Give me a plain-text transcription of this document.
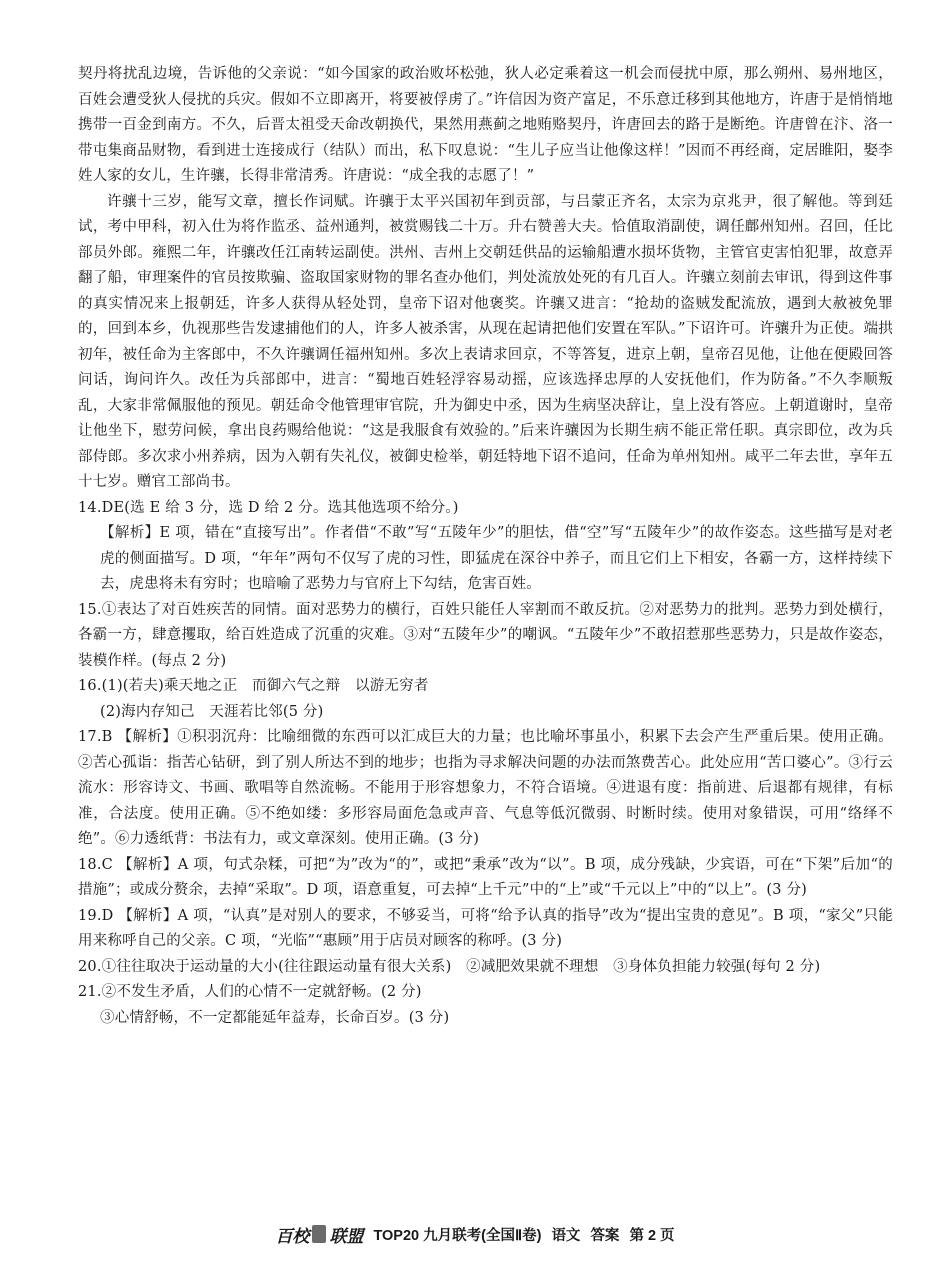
契丹将扰乱边境，告诉他的父亲说：“如今国家的政治败坏松弛，狄人必定乘着这一机会而侵扰中原，那么朔州、易州地区，百姓会遭受狄人侵扰的兵灾。假如不立即离开，将要被俘虏了。”许信因为资产富足，不乐意迁移到其他地方，许唐于是悄悄地携带一百金到南方。不久，后晋太祖受天命改朝换代，果然用燕蓟之地贿赂契丹，许唐回去的路于是断绝。许唐曾在汴、洛一带屯集商品财物，看到进士连接成行（结队）而出，私下叹息说：“生儿子应当让他像这样！”因而不再经商，定居睢阳，娶李姓人家的女儿，生许骧，长得非常清秀。许唐说：“成全我的志愿了！”

许骧十三岁，能写文章，擅长作词赋。许骧于太平兴国初年到贡部，与吕蒙正齐名，太宗为京兆尹，很了解他。等到廷试，考中甲科，初入仕为将作监丞、益州通判，被赏赐钱二十万。升右赞善大夫。恰值取消副使，调任鄜州知州。召回，任比部员外郎。雍熙二年，许骧改任江南转运副使。洪州、吉州上交朝廷供品的运输船遭水损坏货物，主管官吏害怕犯罪，故意弄翻了船，审理案件的官员按欺骗、盗取国家财物的罪名查办他们，判处流放处死的有几百人。许骧立刻前去审讯，得到这件事的真实情况来上报朝廷，许多人获得从轻处罚，皇帝下诏对他褒奖。许骧又进言：“抢劫的盗贼发配流放，遇到大赦被免罪的，回到本乡，仇视那些告发逮捕他们的人，许多人被杀害，从现在起请把他们安置在军队。”下诏许可。许骧升为正使。端拱初年，被任命为主客郎中，不久许骧调任福州知州。多次上表请求回京，不等答复，进京上朝，皇帝召见他，让他在便殿回答问话，询问许久。改任为兵部郎中，进言：“蜀地百姓轻浮容易动摇，应该选择忠厚的人安抚他们，作为防备。”不久李顺叛乱，大家非常佩服他的预见。朝廷命令他管理审官院，升为御史中丞，因为生病坚决辞让，皇上没有答应。上朝道谢时，皇帝让他坐下，慰劳问候，拿出良药赐给他说：“这是我服食有效验的。”后来许骧因为长期生病不能正常任职。真宗即位，改为兵部侍郎。多次求小州养病，因为入朝有失礼仪，被御史检举，朝廷特地下诏不追问，任命为单州知州。咸平二年去世，享年五十七岁。赠官工部尚书。

14.DE(选 E 给 3 分，选 D 给 2 分。选其他选项不给分。)

【解析】E 项，错在“直接写出”。作者借“不敢”写“五陵年少”的胆怯，借“空”写“五陵年少”的故作姿态。这些描写是对老虎的侧面描写。D 项，“年年”两句不仅写了虎的习性，即猛虎在深谷中养子，而且它们上下相安，各霸一方，这样持续下去，虎患将未有穷时；也暗喻了恶势力与官府上下勾结，危害百姓。

15.①表达了对百姓疾苦的同情。面对恶势力的横行，百姓只能任人宰割而不敢反抗。②对恶势力的批判。恶势力到处横行，各霸一方，肆意攫取，给百姓造成了沉重的灾难。③对“五陵年少”的嘲讽。“五陵年少”不敢招惹那些恶势力，只是故作姿态，装模作样。(每点 2 分)

16.(1)(若夫)乘天地之正　而御六气之辩　以游无穷者

(2)海内存知己　天涯若比邻(5 分)

17.B 【解析】①积羽沉舟：比喻细微的东西可以汇成巨大的力量；也比喻坏事虽小，积累下去会产生严重后果。使用正确。②苦心孤诣：指苦心钻研，到了别人所达不到的地步；也指为寻求解决问题的办法而煞费苦心。此处应用“苦口婆心”。③行云流水：形容诗文、书画、歌唱等自然流畅。不能用于形容想象力，不符合语境。④进退有度：指前进、后退都有规律，有标准，合法度。使用正确。⑤不绝如缕：多形容局面危急或声音、气息等低沉微弱、时断时续。使用对象错误，可用“络绎不绝”。⑥力透纸背：书法有力，或文章深刻。使用正确。(3 分)

18.C 【解析】A 项，句式杂糅，可把“为”改为“的”，或把“秉承”改为“以”。B 项，成分残缺，少宾语，可在“下架”后加“的措施”；或成分赘余，去掉“采取”。D 项，语意重复，可去掉“上千元”中的“上”或“千元以上”中的“以上”。(3 分)

19.D 【解析】A 项，“认真”是对别人的要求，不够妥当，可将“给予认真的指导”改为“提出宝贵的意见”。B 项，“家父”只能用来称呼自己的父亲。C 项，“光临”“惠顾”用于店员对顾客的称呼。(3 分)

20.①往往取决于运动量的大小(往往跟运动量有很大关系)　②减肥效果就不理想　③身体负担能力较强(每句 2 分)

21.②不发生矛盾，人们的心情不一定就舒畅。(2 分)

③心情舒畅，不一定都能延年益寿，长命百岁。(3 分)

百校 联盟 TOP20 九月联考(全国Ⅱ卷) 语文 答案 第 2 页
